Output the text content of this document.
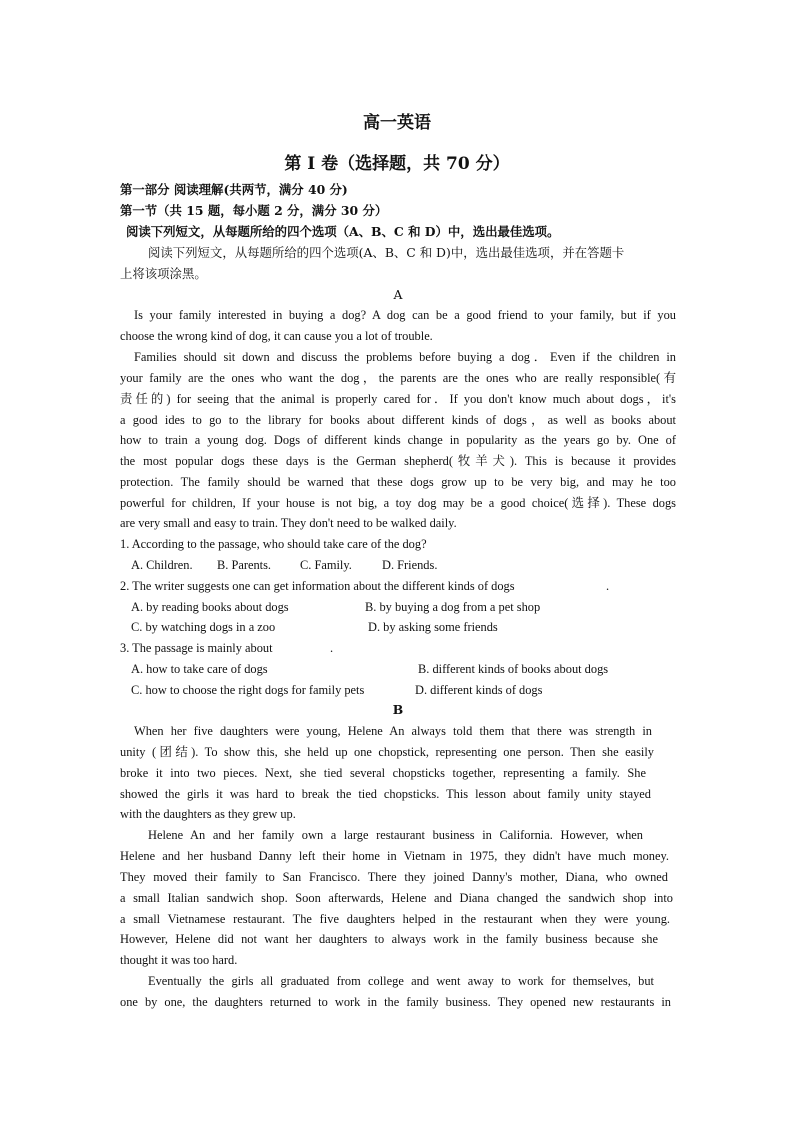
高一英语
第 I 卷（选择题，共 70 分）
第一部分 阅读理解(共两节，满分 40 分)
第一节（共 15 题，每小题 2 分，满分 30 分）
阅读下列短文，从每题所给的四个选项（A、B、C 和 D）中，选出最佳选项。
阅读下列短文，从每题所给的四个选项(A、B、C 和 D)中，选出最佳选项，并在答题卡
上将该项涂黑。
A
Is your family interested in buying a dog? A dog can be a good friend to your family, but if you
choose the wrong kind of dog, it can cause you a lot of trouble.
Families should sit down and discuss the problems before buying a dog．Even if the children in
your family are the ones who want the dog，the parents are the ones who are really responsible(有
责任的) for seeing that the animal is properly cared for．If you don't know much about dogs，it's
a good ides to go to the library for books about different kinds of dogs，as well as books about
how to train a young dog. Dogs of different kinds change in popularity as the years go by. One of
the most popular dogs these days is the German shepherd(牧羊犬). This is because it provides
protection. The family should be warned that these dogs grow up to be very big, and may he too
powerful for children, If your house is not big, a toy dog may be a good choice(选择). These dogs
are very small and easy to train. They don't need to be walked daily.
1. According to the passage, who should take care of the dog?
A. Children. B. Parents. C. Family. D. Friends.
2. The writer suggests one can get information about the different kinds of dogs	.
A. by reading books about dogs	B. by buying a dog from a pet shop
C. by watching dogs in a zoo	D. by asking some friends
3. The passage is mainly about	.
A. how to take care of dogs	B. different kinds of books about dogs
C. how to choose the right dogs for family pets	D. different kinds of dogs
B
When her five daughters were young, Helene An always told them that there was strength in
unity (团结). To show this, she held up one chopstick, representing one person. Then she easily
broke it into two pieces. Next, she tied several chopsticks together, representing a family. She
showed the girls it was hard to break the tied chopsticks. This lesson about family unity stayed
with the daughters as they grew up.
Helene An and her family own a large restaurant business in California. However, when
Helene and her husband Danny left their home in Vietnam in 1975, they didn't have much money.
They moved their family to San Francisco. There they joined Danny's mother, Diana, who owned
a small Italian sandwich shop. Soon afterwards, Helene and Diana changed the sandwich shop into
a small Vietnamese restaurant. The five daughters helped in the restaurant when they were young.
However, Helene did not want her daughters to always work in the family business because she
thought it was too hard.
Eventually the girls all graduated from college and went away to work for themselves, but
one by one, the daughters returned to work in the family business. They opened new restaurants in
